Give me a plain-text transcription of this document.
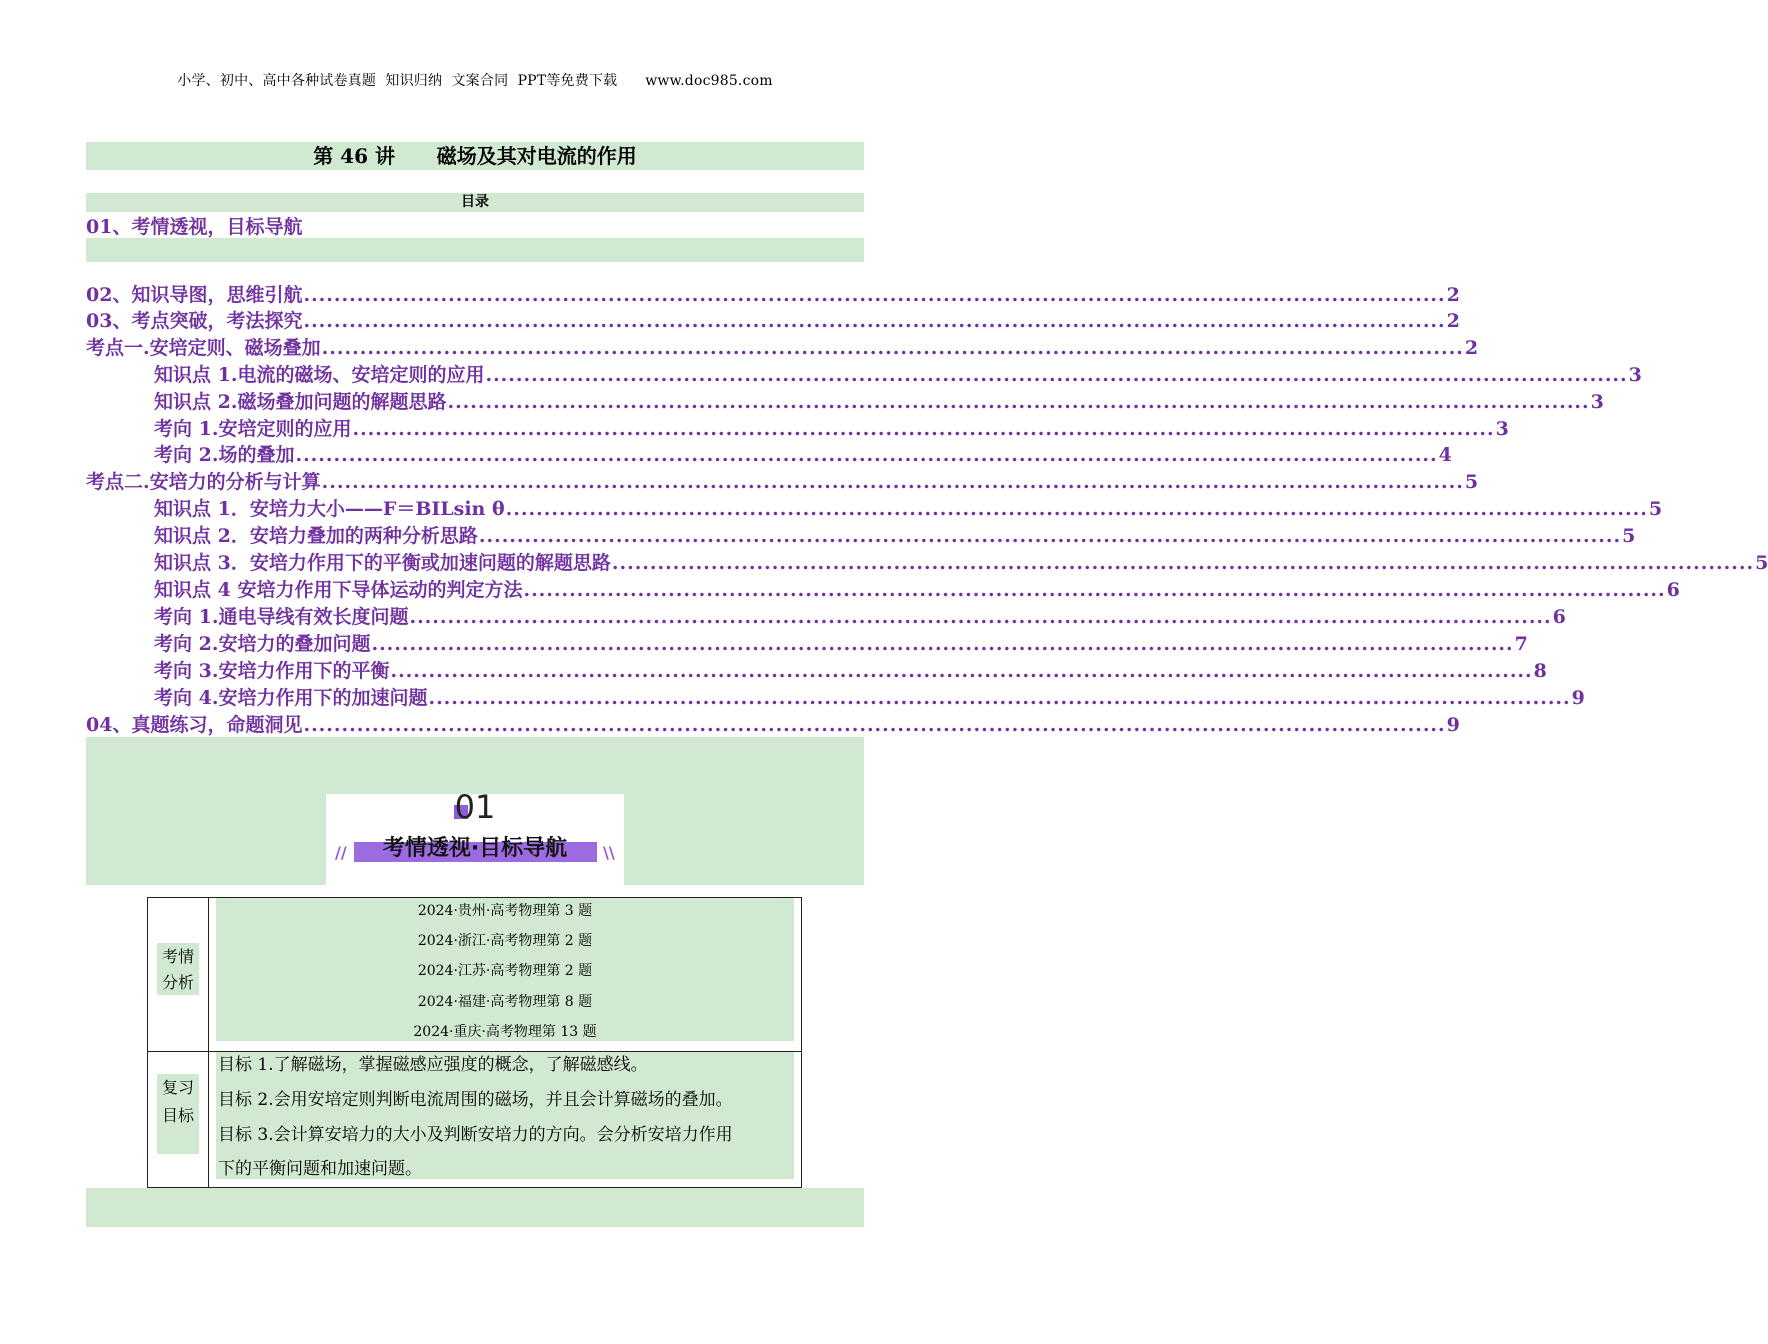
小学、初中、高中各种试卷真题  知识归纳  文案合同  PPT等免费下载      www.doc985.com
第 46 讲      磁场及其对电流的作用
目录
01、考情透视，目标导航
02、知识导图，思维引航 ...................................................................................................................................................... 2
03、考点突破，考法探究 ...................................................................................................................................................... 2
考点一.安培定则、磁场叠加 ...................................................................................................................................................... 2
知识点 1.电流的磁场、安培定则的应用 ...................................................................................................................................................... 3
知识点 2.磁场叠加问题的解题思路 ...................................................................................................................................................... 3
考向 1.安培定则的应用 ...................................................................................................................................................... 3
考向 2.场的叠加 ...................................................................................................................................................... 4
考点二.安培力的分析与计算 ...................................................................................................................................................... 5
知识点 1．安培力大小——F＝BILsin θ ...................................................................................................................................................... 5
知识点 2．安培力叠加的两种分析思路 ...................................................................................................................................................... 5
知识点 3．安培力作用下的平衡或加速问题的解题思路 ...................................................................................................................................................... 5
知识点 4 安培力作用下导体运动的判定方法 ...................................................................................................................................................... 6
考向 1.通电导线有效长度问题 ...................................................................................................................................................... 6
考向 2.安培力的叠加问题 ...................................................................................................................................................... 7
考向 3.安培力作用下的平衡 ...................................................................................................................................................... 8
考向 4.安培力作用下的加速问题 ...................................................................................................................................................... 9
04、真题练习，命题洞见 ...................................................................................................................................................... 9
01
考情透视·目标导航
//	\\
考情
分析
2024·贵州·高考物理第 3 题
2024·浙江·高考物理第 2 题
2024·江苏·高考物理第 2 题
2024·福建·高考物理第 8 题
2024·重庆·高考物理第 13 题
复习
目标
目标 1.了解磁场，掌握磁感应强度的概念，了解磁感线。
目标 2.会用安培定则判断电流周围的磁场，并且会计算磁场的叠加。
目标 3.会计算安培力的大小及判断安培力的方向。会分析安培力作用
下的平衡问题和加速问题。
